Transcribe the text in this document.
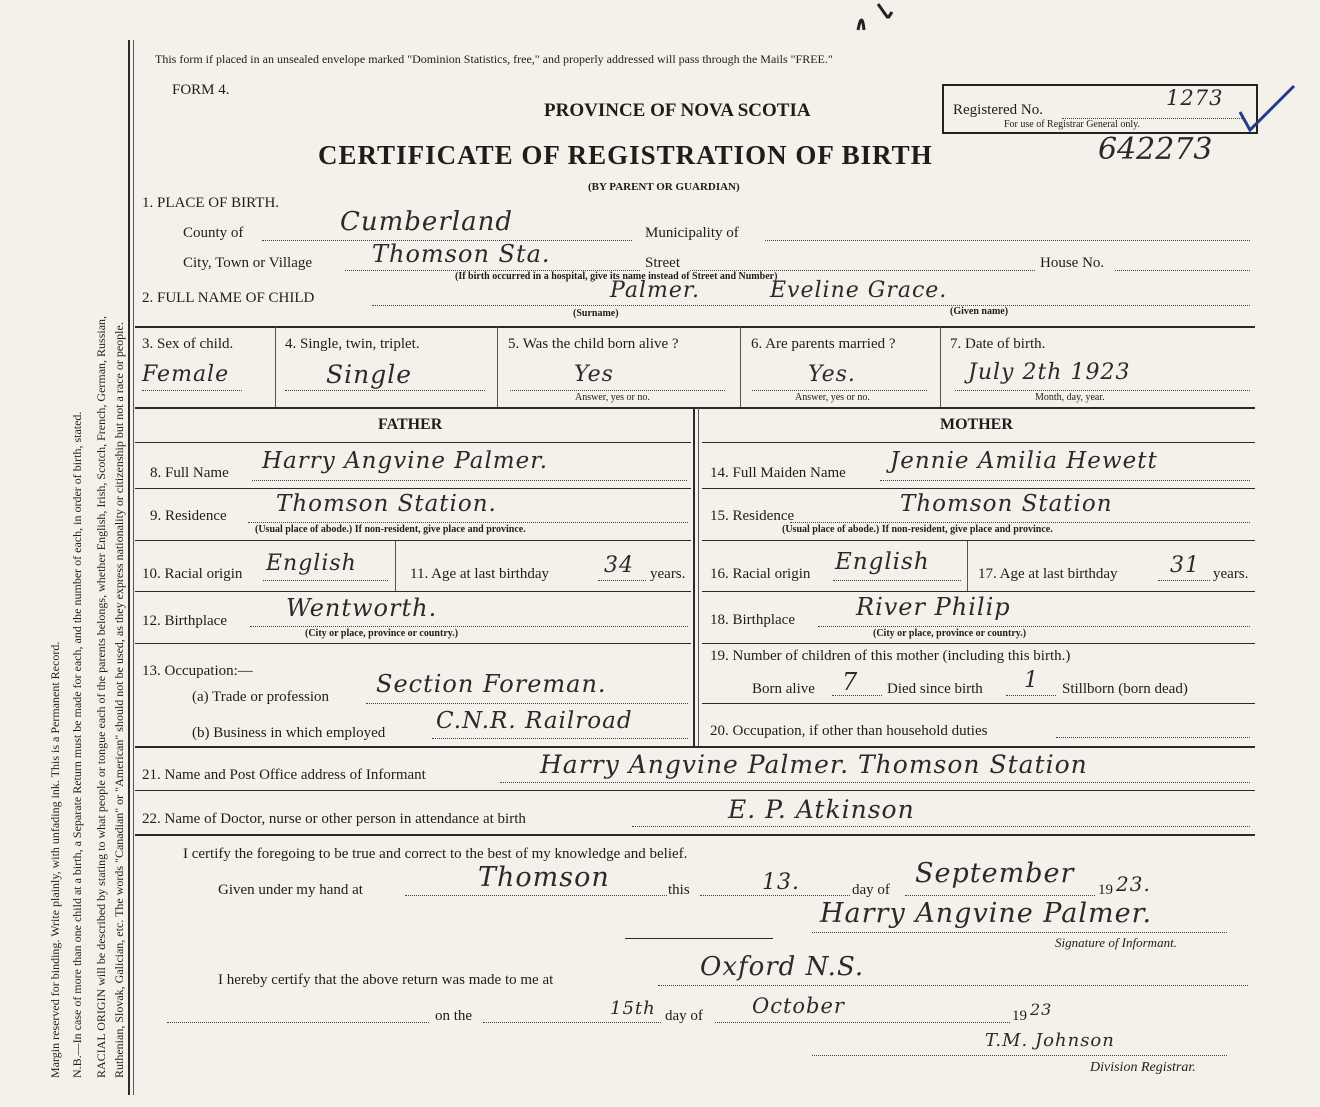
Margin reserved for binding. Write plainly, with unfading ink. This is a Permanent Record. N.B.—In case of more than one child at a birth, a Separate Return must be made for each, and the number of each, in order of birth, stated. RACIAL ORIGIN will be described by stating to what people or tongue each of the parents belongs, whether English, Irish, Scotch, French, German, Russian, Ruthenian, Slovak, Galician, etc. The words "Canadian" or "American" should not be used, as they express nationality or citizenship but not a race or people.
This form if placed in an unsealed envelope marked "Dominion Statistics, free," and properly addressed will pass through the Mails "FREE."
FORM 4.
PROVINCE OF NOVA SCOTIA
CERTIFICATE OF REGISTRATION OF BIRTH
(BY PARENT OR GUARDIAN)
Registered No.	1273
For use of Registrar General only.
642273
1. PLACE OF BIRTH.
County of	Cumberland	Municipality of
City, Town or Village Thomson Sta.	Street	House No.
(If birth occurred in a hospital, give its name instead of Street and Number)
2. FULL NAME OF CHILD	Palmer.	Eveline Grace.
(Surname)	(Given name)
3. Sex of child.
Female
4. Single, twin, triplet.
Single
5. Was the child born alive ?
Yes
Answer, yes or no.
6. Are parents married ?
Yes.
Answer, yes or no.
7. Date of birth.
July 2th 1923
Month, day, year.
FATHER	MOTHER
8. Full Name Harry Angvine Palmer.
9. Residence Thomson Station.
(Usual place of abode.) If non-resident, give place and province.
10. Racial origin English	11. Age at last birthday	34 years.
12. Birthplace Wentworth.
(City or place, province or country.)
13. Occupation:—
(a) Trade or profession Section Foreman.
(b) Business in which employed C.N.R. Railroad
14. Full Maiden Name Jennie Amilia Hewett
15. Residence	Thomson Station
(Usual place of abode.) If non-resident, give place and province.
16. Racial origin English	17. Age at last birthday 31 years.
18. Birthplace	River Philip
(City or place, province or country.)
19. Number of children of this mother (including this birth.)
Born alive 7 Died since birth 1 Stillborn (born dead)
20. Occupation, if other than household duties
21. Name and Post Office address of Informant	Harry Angvine Palmer. Thomson Station
22. Name of Doctor, nurse or other person in attendance at birth	E. P. Atkinson
I certify the foregoing to be true and correct to the best of my knowledge and belief.
Given under my hand at	Thomson	this	13.	day of
September
19 23.
Harry Angvine Palmer.
Signature of Informant.
I hereby certify that the above return was made to me at	Oxford N.S.
on the	15th day of October	19 23
T.M. Johnson
Division Registrar.
